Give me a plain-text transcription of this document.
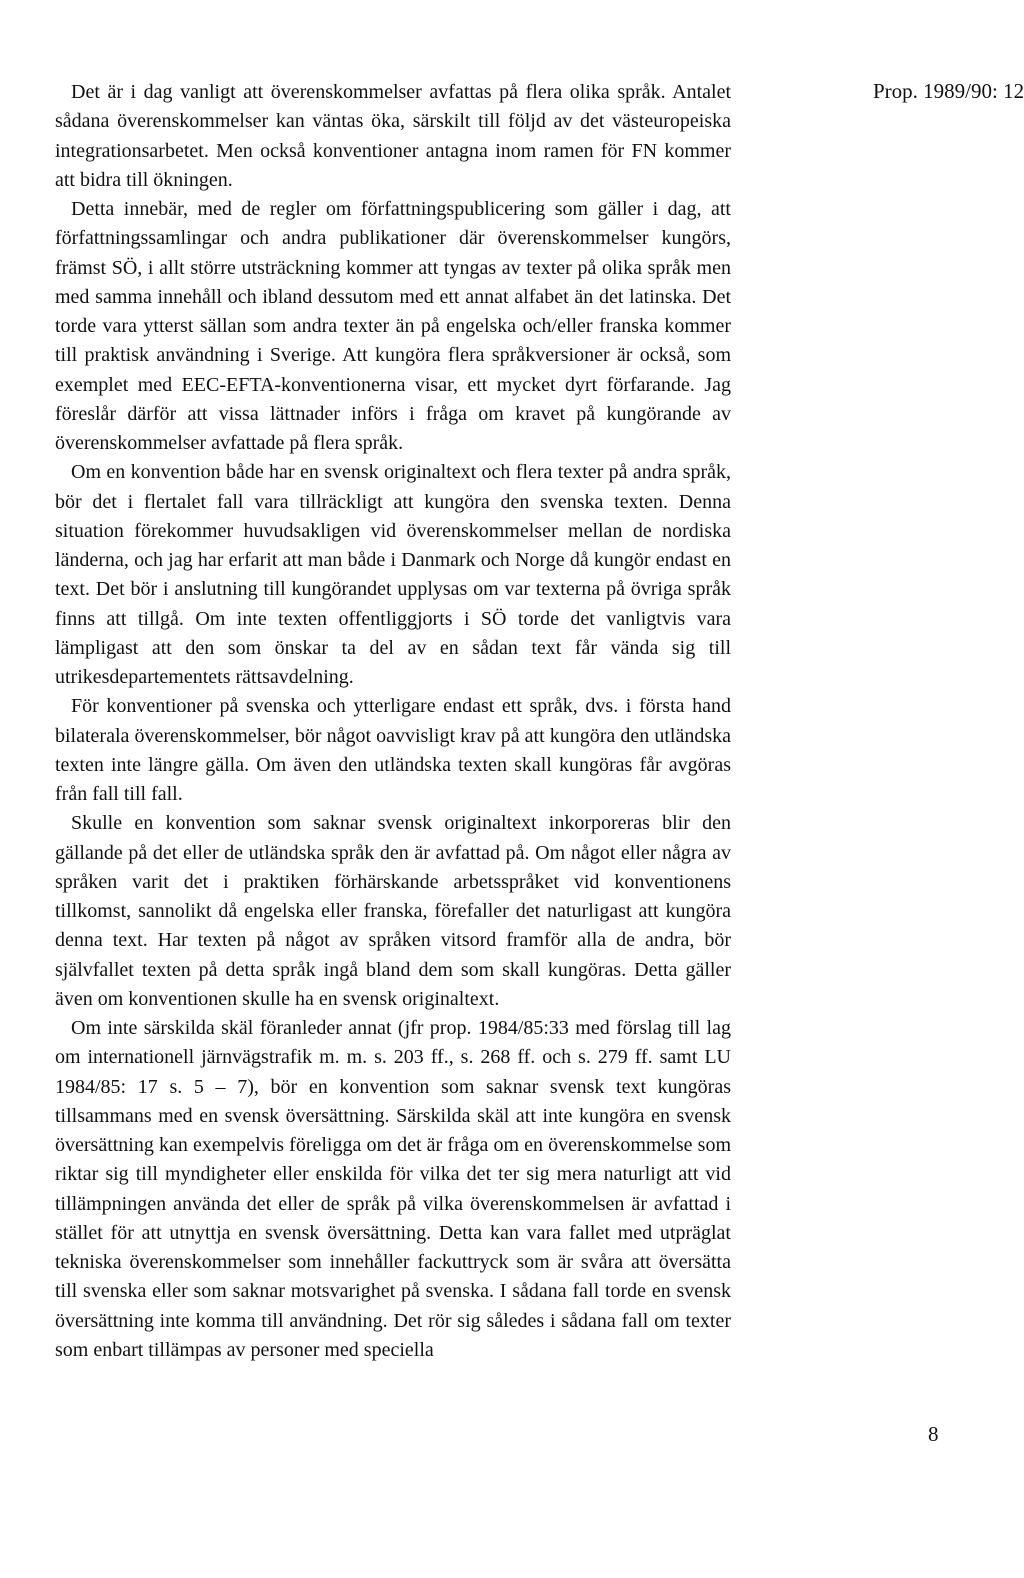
Prop. 1989/90: 12

Det är i dag vanligt att överenskommelser avfattas på flera olika språk. Antalet sådana överenskommelser kan väntas öka, särskilt till följd av det västeuropeiska integrationsarbetet. Men också konventioner antagna inom ramen för FN kommer att bidra till ökningen.

Detta innebär, med de regler om författningspublicering som gäller i dag, att författningssamlingar och andra publikationer där överenskommelser kungörs, främst SÖ, i allt större utsträckning kommer att tyngas av texter på olika språk men med samma innehåll och ibland dessutom med ett annat alfabet än det latinska. Det torde vara ytterst sällan som andra texter än på engelska och/eller franska kommer till praktisk användning i Sverige. Att kungöra flera språkversioner är också, som exemplet med EEC-EFTA-konventionerna visar, ett mycket dyrt förfarande. Jag föreslår därför att vissa lättnader införs i fråga om kravet på kungörande av överenskommelser avfattade på flera språk.

Om en konvention både har en svensk originaltext och flera texter på andra språk, bör det i flertalet fall vara tillräckligt att kungöra den svenska texten. Denna situation förekommer huvudsakligen vid överenskommelser mellan de nordiska länderna, och jag har erfarit att man både i Danmark och Norge då kungör endast en text. Det bör i anslutning till kungörandet upplysas om var texterna på övriga språk finns att tillgå. Om inte texten offentliggjorts i SÖ torde det vanligtvis vara lämpligast att den som önskar ta del av en sådan text får vända sig till utrikesdepartementets rättsavdelning.

För konventioner på svenska och ytterligare endast ett språk, dvs. i första hand bilaterala överenskommelser, bör något oavvisligt krav på att kungöra den utländska texten inte längre gälla. Om även den utländska texten skall kungöras får avgöras från fall till fall.

Skulle en konvention som saknar svensk originaltext inkorporeras blir den gällande på det eller de utländska språk den är avfattad på. Om något eller några av språken varit det i praktiken förhärskande arbetsspråket vid konventionens tillkomst, sannolikt då engelska eller franska, förefaller det naturligast att kungöra denna text. Har texten på något av språken vitsord framför alla de andra, bör självfallet texten på detta språk ingå bland dem som skall kungöras. Detta gäller även om konventionen skulle ha en svensk originaltext.

Om inte särskilda skäl föranleder annat (jfr prop. 1984/85:33 med förslag till lag om internationell järnvägstrafik m. m. s. 203 ff., s. 268 ff. och s. 279 ff. samt LU 1984/85: 17 s. 5 – 7), bör en konvention som saknar svensk text kungöras tillsammans med en svensk översättning. Särskilda skäl att inte kungöra en svensk översättning kan exempelvis föreligga om det är fråga om en överenskommelse som riktar sig till myndigheter eller enskilda för vilka det ter sig mera naturligt att vid tillämpningen använda det eller de språk på vilka överenskommelsen är avfattad i stället för att utnyttja en svensk översättning. Detta kan vara fallet med utpräglat tekniska överenskommelser som innehåller fackuttryck som är svåra att översätta till svenska eller som saknar motsvarighet på svenska. I sådana fall torde en svensk översättning inte komma till användning. Det rör sig således i sådana fall om texter som enbart tillämpas av personer med speciella

8
